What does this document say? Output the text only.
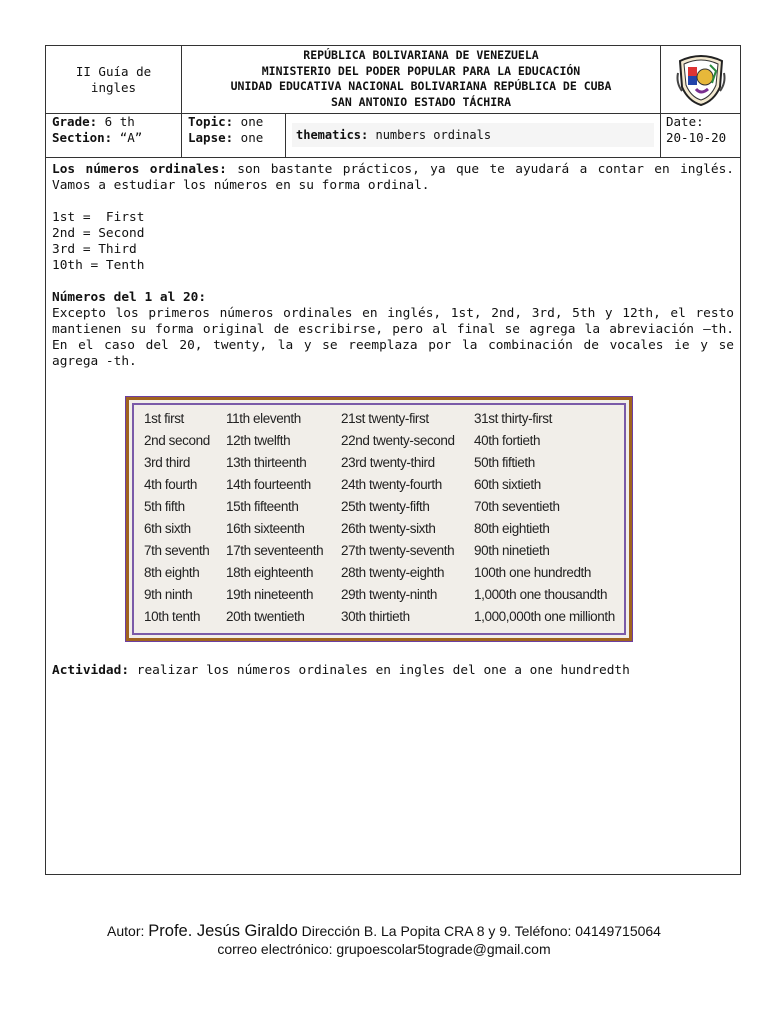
II Guía de
ingles
REPÚBLICA BOLIVARIANA DE VENEZUELA
MINISTERIO DEL PODER POPULAR PARA LA EDUCACIÓN
UNIDAD EDUCATIVA NACIONAL BOLIVARIANA REPÚBLICA DE CUBA
SAN ANTONIO ESTADO TÁCHIRA
Grade: 6 th
Section: “A”
Topic: one
Lapse: one	thematics: numbers ordinals
Date:
20-10-20

Los números ordinales: son bastante prácticos, ya que te ayudará a contar en inglés. Vamos a estudiar los números en su forma ordinal.

1st =  First
2nd = Second
3rd = Third
10th = Tenth
Números del 1 al 20:

Excepto los primeros números ordinales en inglés, 1st, 2nd, 3rd, 5th y 12th, el resto mantienen su forma original de escribirse, pero al final se agrega la abreviación –th. En el caso del 20, twenty, la y se reemplaza por la combinación de vocales ie y se agrega -th.

1st first
2nd second
3rd third
4th fourth
5th fifth
6th sixth
7th seventh
8th eighth
9th ninth
10th tenth
11th eleventh
12th twelfth
13th thirteenth
14th fourteenth
15th fifteenth
16th sixteenth
17th seventeenth
18th eighteenth
19th nineteenth
20th twentieth
21st twenty-first
22nd twenty-second
23rd twenty-third
24th twenty-fourth
25th twenty-fifth
26th twenty-sixth
27th twenty-seventh
28th twenty-eighth
29th twenty-ninth
30th thirtieth
31st thirty-first
40th fortieth
50th fiftieth
60th sixtieth
70th seventieth
80th eightieth
90th ninetieth
100th one hundredth
1,000th one thousandth
1,000,000th one millionth
Actividad: realizar los números ordinales en ingles del one a one hundredth
Autor: Profe. Jesús Giraldo Dirección B. La Popita CRA 8 y 9. Teléfono: 04149715064
correo electrónico: grupoescolar5tograde@gmail.com
